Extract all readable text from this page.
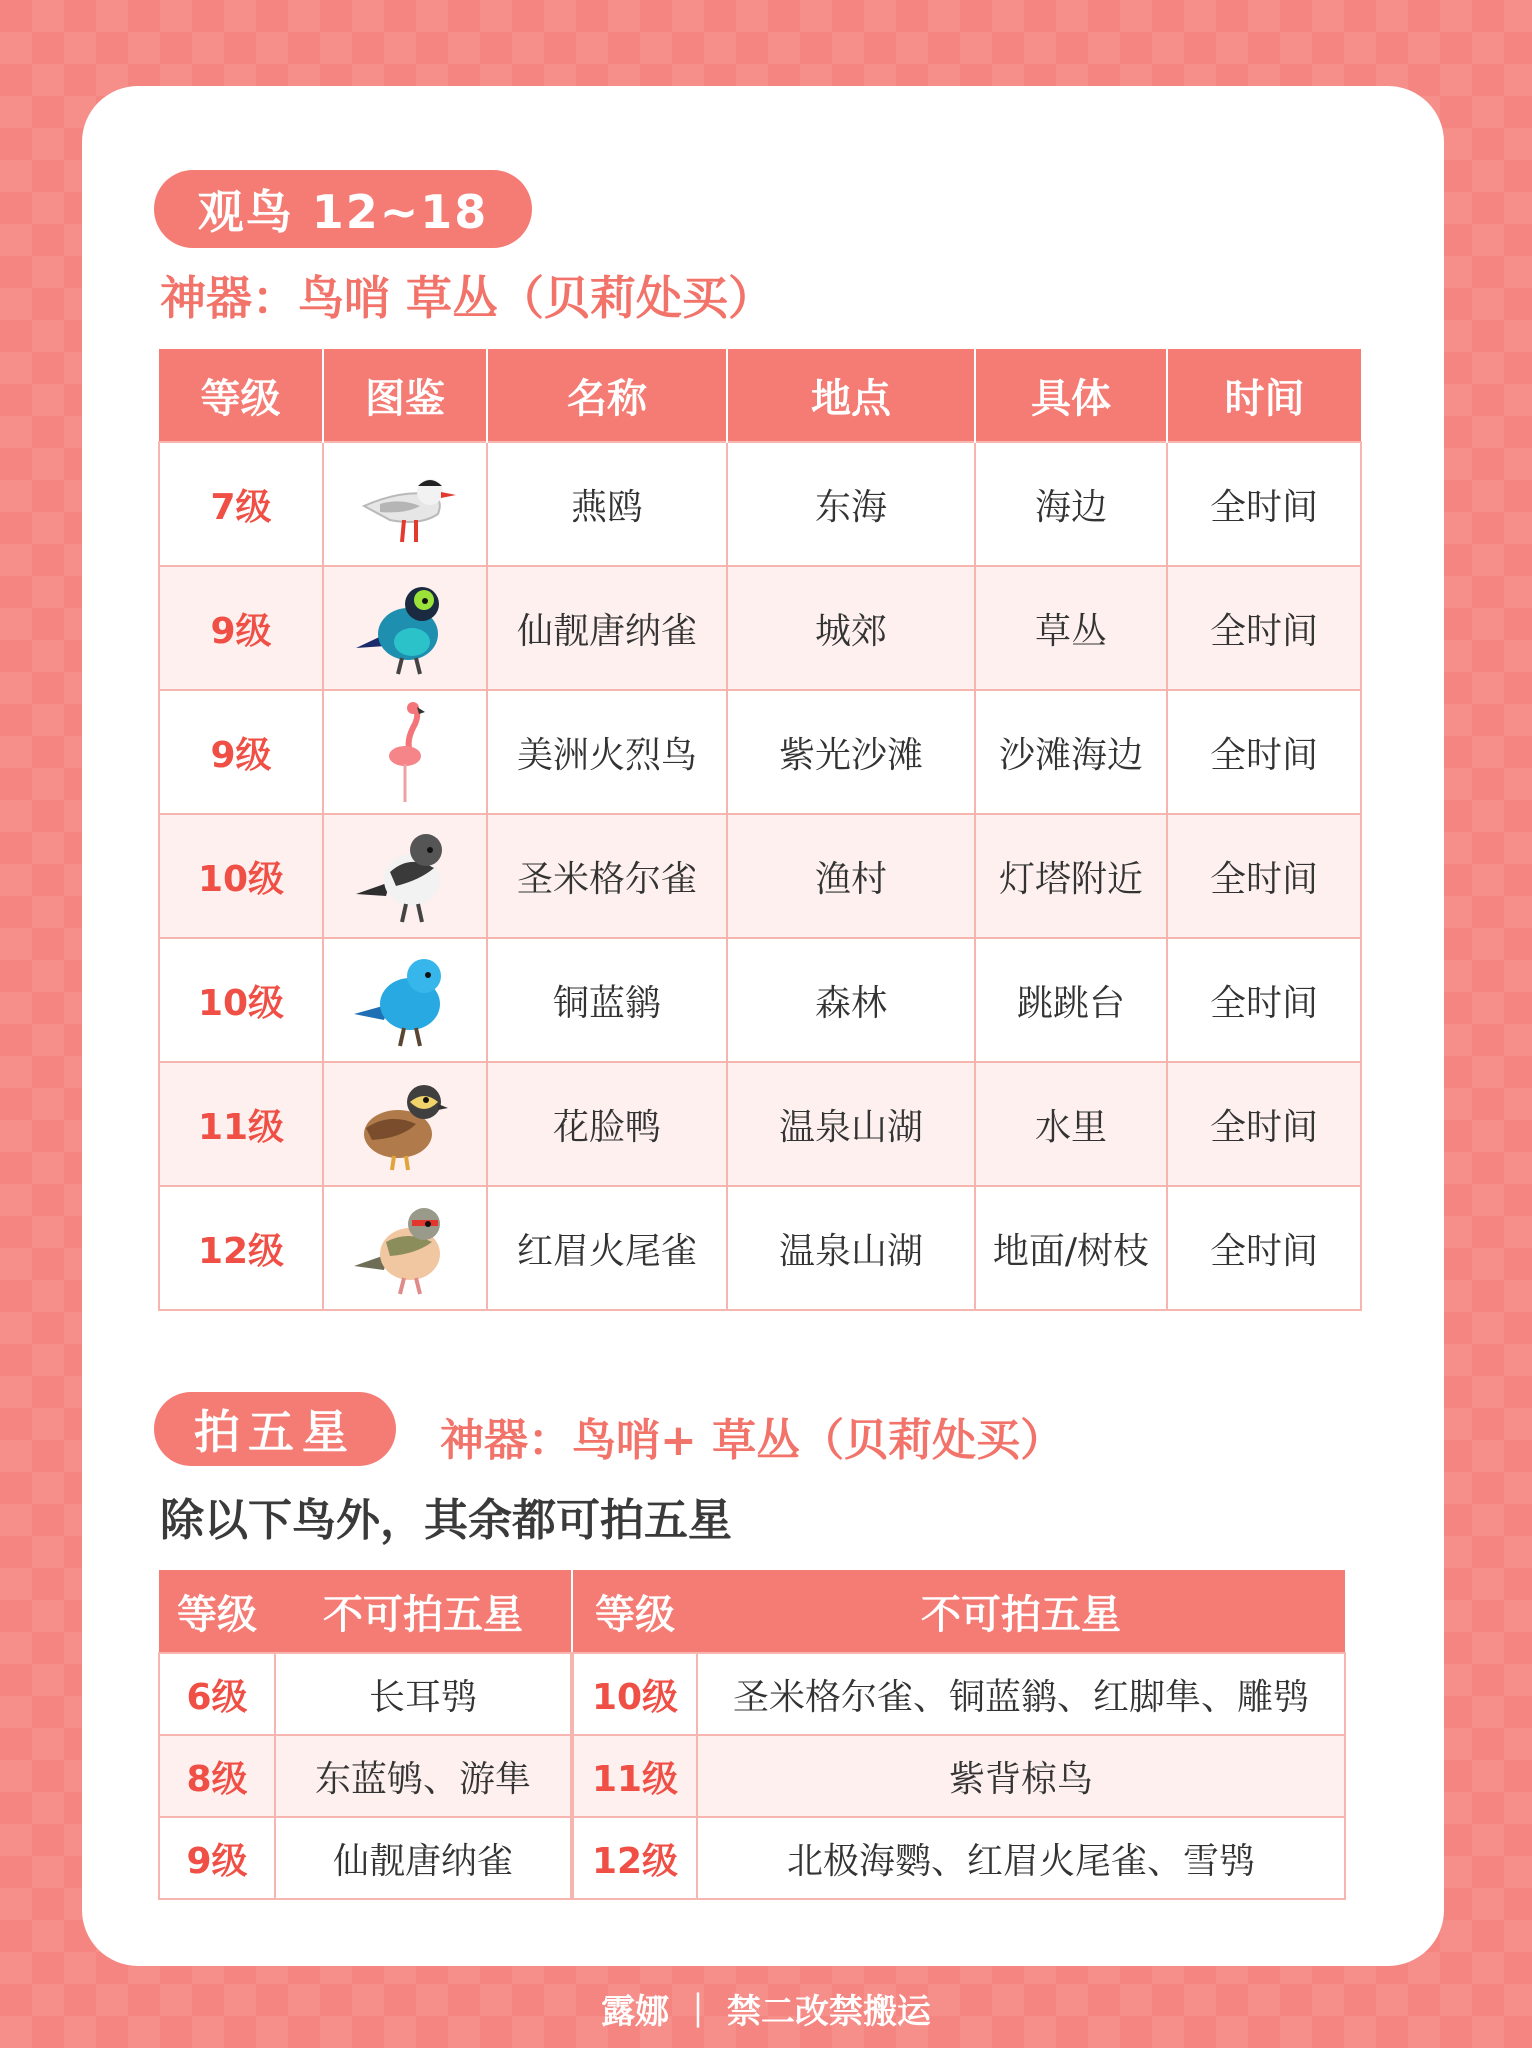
观鸟 12~18
神器：鸟哨 草丛（贝莉处买）
等级	图鉴	名称	地点	具体	时间
7级		燕鸥	东海	海边	全时间
9级		仙靓唐纳雀	城郊	草丛	全时间
9级		美洲火烈鸟	紫光沙滩	沙滩海边	全时间
10级		圣米格尔雀	渔村	灯塔附近	全时间
10级		铜蓝鹟	森林	跳跳台	全时间
11级		花脸鸭	温泉山湖	水里	全时间
12级		红眉火尾雀	温泉山湖	地面/树枝	全时间
拍五星	神器：鸟哨+ 草丛（贝莉处买）
除以下鸟外，其余都可拍五星
等级	不可拍五星
6级	长耳鸮
8级	东蓝鸲、游隼
9级	仙靓唐纳雀
等级	不可拍五星
10级	圣米格尔雀、铜蓝鹟、红脚隼、雕鸮
11级	紫背椋鸟
12级	北极海鹦、红眉火尾雀、雪鸮
露娜 ｜ 禁二改禁搬运
